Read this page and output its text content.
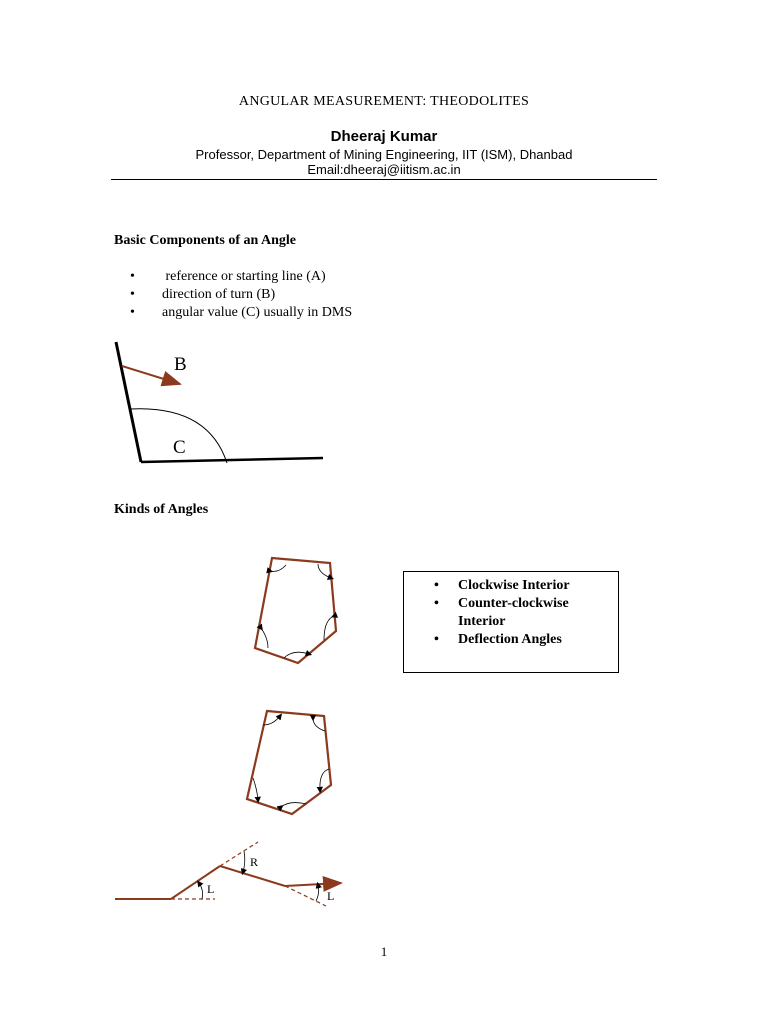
ANGULAR MEASUREMENT: THEODOLITES
Dheeraj Kumar
Professor, Department of Mining Engineering, IIT (ISM), Dhanbad
Email:dheeraj@iitism.ac.in
Basic Components of an Angle
• reference or starting line (A)
• direction of turn (B)
• angular value (C) usually in DMS
B
C
Kinds of Angles
• Clockwise Interior
• Counter-clockwise Interior
• Deflection Angles
L
R
L
1
